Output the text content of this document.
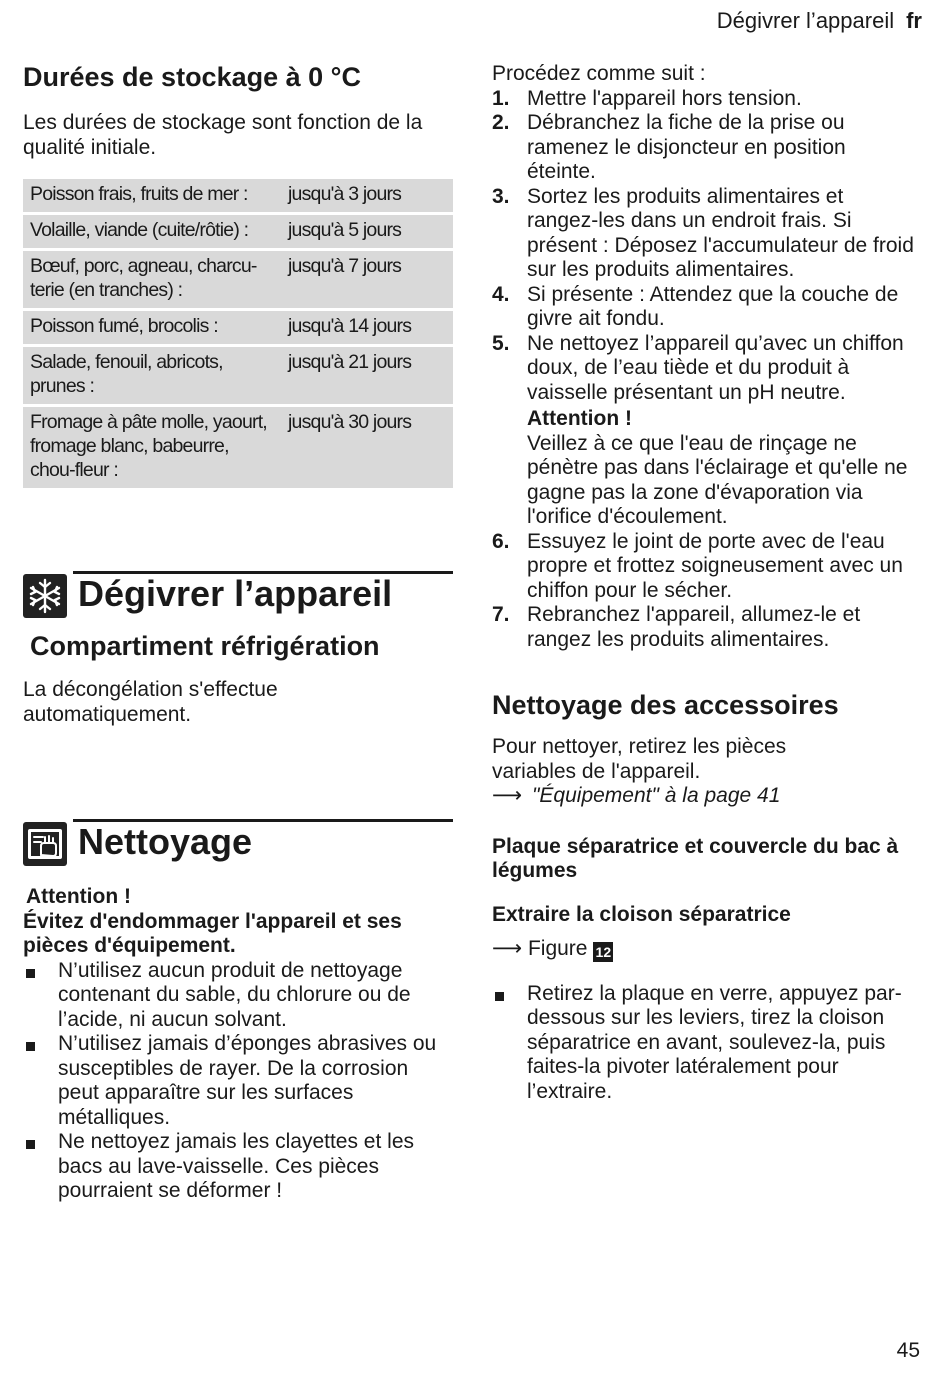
Dégivrer l’appareil fr
Durées de stockage à 0 °C

Les durées de stockage sont fonction de la qualité initiale.

Poisson frais, fruits de mer :	jusqu'à 3 jours
Volaille, viande (cuite/rôtie) :	jusqu'à 5 jours
Bœuf, porc, agneau, charcu-terie (en tranches) :	jusqu'à 7 jours
Poisson fumé, brocolis :	jusqu'à 14 jours
Salade, fenouil, abricots, prunes :	jusqu'à 21 jours
Fromage à pâte molle, yaourt, fromage blanc, babeurre, chou-fleur :	jusqu'à 30 jours
Dégivrer l’appareil
Compartiment réfrigération

La décongélation s'effectue automatiquement.

Nettoyage
Attention !
Évitez d'endommager l'appareil et ses pièces d'équipement.
N’utilisez aucun produit de nettoyage contenant du sable, du chlorure ou de l’acide, ni aucun solvant.
N’utilisez jamais d’éponges abrasives ou susceptibles de rayer. De la corrosion peut apparaître sur les surfaces métalliques.
Ne nettoyez jamais les clayettes et les bacs au lave-vaisselle. Ces pièces pourraient se déformer !

Procédez comme suit :

1. Mettre l'appareil hors tension.
2. Débranchez la fiche de la prise ou ramenez le disjoncteur en position éteinte.
3. Sortez les produits alimentaires et rangez-les dans un endroit frais. Si présent : Déposez l'accumulateur de froid sur les produits alimentaires.
4. Si présente : Attendez que la couche de givre ait fondu.
5. Ne nettoyez l’appareil qu’avec un chiffon doux, de l’eau tiède et du produit à vaisselle présentant un pH neutre.
Attention !
Veillez à ce que l'eau de rinçage ne pénètre pas dans l'éclairage et qu'elle ne gagne pas la zone d'évaporation via l'orifice d'écoulement.
6. Essuyez le joint de porte avec de l'eau propre et frottez soigneusement avec un chiffon pour le sécher.
7. Rebranchez l'appareil, allumez-le et rangez les produits alimentaires.
Nettoyage des accessoires

Pour nettoyer, retirez les pièces variables de l'appareil.

⟶ "Équipement" à la page 41
Plaque séparatrice et couvercle du bac à légumes
Extraire la cloison séparatrice
⟶ Figure 12
Retirez la plaque en verre, appuyez par-dessous sur les leviers, tirez la cloison séparatrice en avant, soulevez-la, puis faites-la pivoter latéralement pour l’extraire.
45
